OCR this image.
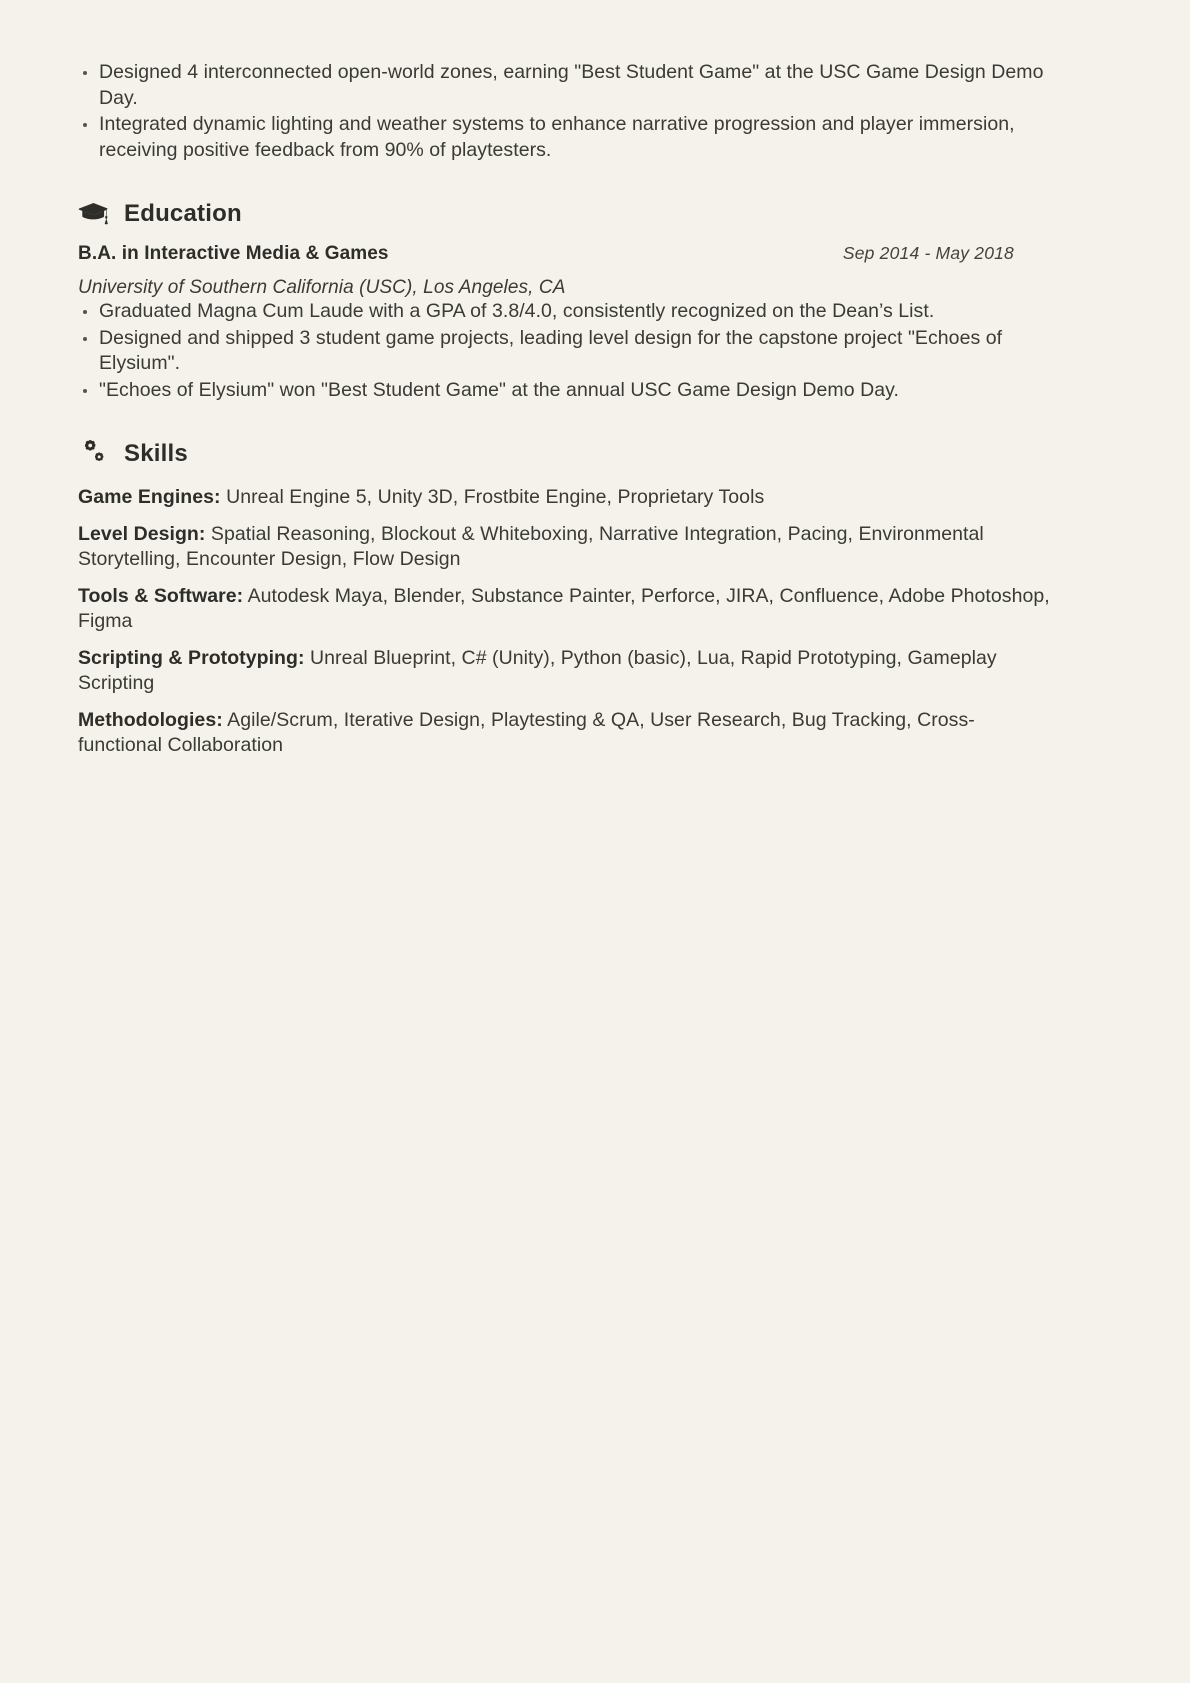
Designed 4 interconnected open-world zones, earning "Best Student Game" at the USC Game Design Demo Day.
Integrated dynamic lighting and weather systems to enhance narrative progression and player immersion, receiving positive feedback from 90% of playtesters.
Education
B.A. in Interactive Media & Games	Sep 2014 - May 2018
University of Southern California (USC), Los Angeles, CA
Graduated Magna Cum Laude with a GPA of 3.8/4.0, consistently recognized on the Dean’s List.
Designed and shipped 3 student game projects, leading level design for the capstone project "Echoes of Elysium".
"Echoes of Elysium" won "Best Student Game" at the annual USC Game Design Demo Day.
Skills
Game Engines: Unreal Engine 5, Unity 3D, Frostbite Engine, Proprietary Tools
Level Design: Spatial Reasoning, Blockout & Whiteboxing, Narrative Integration, Pacing, Environmental Storytelling, Encounter Design, Flow Design
Tools & Software: Autodesk Maya, Blender, Substance Painter, Perforce, JIRA, Confluence, Adobe Photoshop, Figma
Scripting & Prototyping: Unreal Blueprint, C# (Unity), Python (basic), Lua, Rapid Prototyping, Gameplay Scripting
Methodologies: Agile/Scrum, Iterative Design, Playtesting & QA, User Research, Bug Tracking, Cross-functional Collaboration
